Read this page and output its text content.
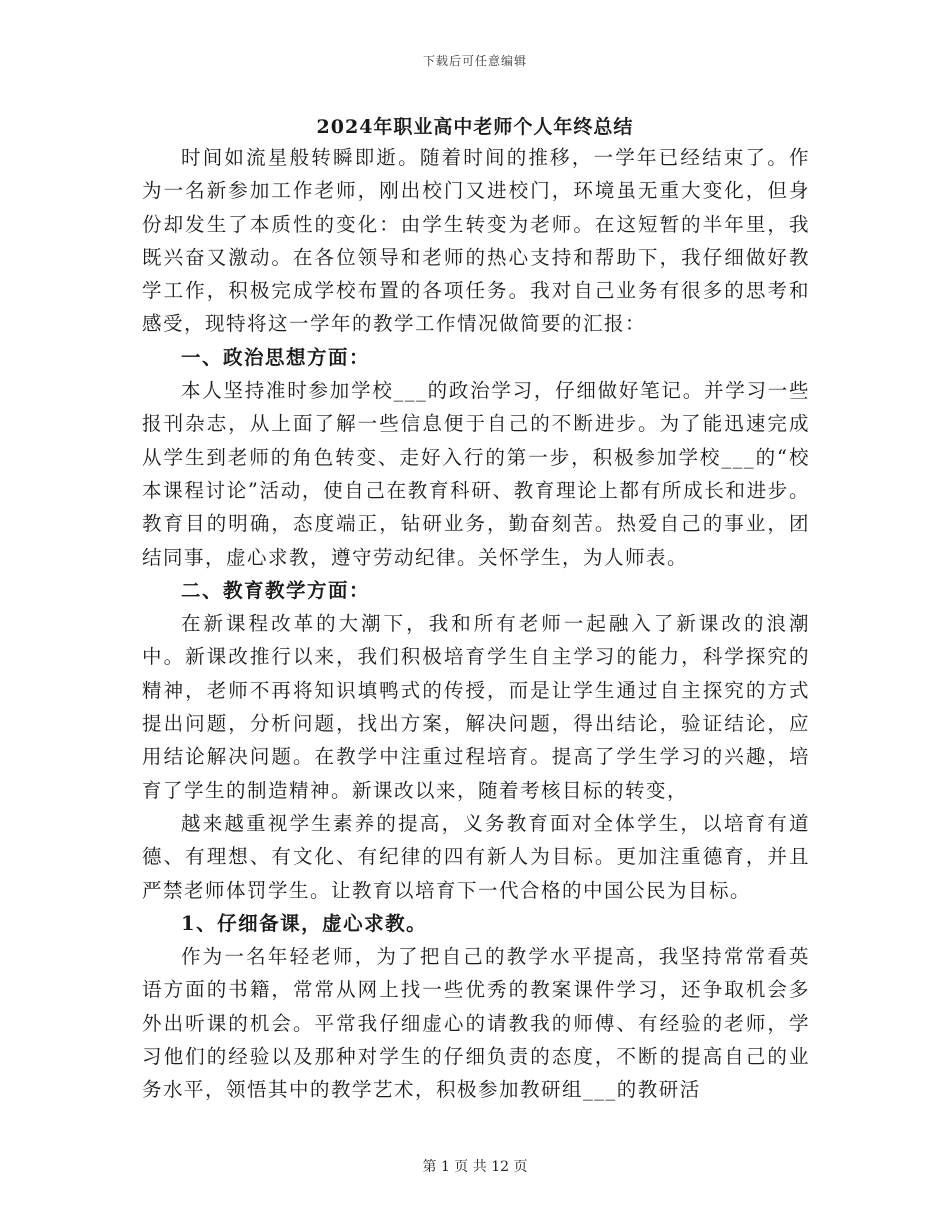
下载后可任意编辑
2024年职业高中老师个人年终总结

时间如流星般转瞬即逝。随着时间的推移，一学年已经结束了。作为一名新参加工作老师，刚出校门又进校门，环境虽无重大变化，但身份却发生了本质性的变化：由学生转变为老师。在这短暂的半年里，我既兴奋又激动。在各位领导和老师的热心支持和帮助下，我仔细做好教学工作，积极完成学校布置的各项任务。我对自己业务有很多的思考和感受，现特将这一学年的教学工作情况做简要的汇报：

一、政治思想方面：

本人坚持准时参加学校___的政治学习，仔细做好笔记。并学习一些报刊杂志，从上面了解一些信息便于自己的不断进步。为了能迅速完成从学生到老师的角色转变、走好入行的第一步，积极参加学校___的“校本课程讨论”活动，使自己在教育科研、教育理论上都有所成长和进步。教育目的明确，态度端正，钻研业务，勤奋刻苦。热爱自己的事业，团结同事，虚心求教，遵守劳动纪律。关怀学生，为人师表。

二、教育教学方面：

在新课程改革的大潮下，我和所有老师一起融入了新课改的浪潮中。新课改推行以来，我们积极培育学生自主学习的能力，科学探究的精神，老师不再将知识填鸭式的传授，而是让学生通过自主探究的方式提出问题，分析问题，找出方案，解决问题，得出结论，验证结论，应用结论解决问题。在教学中注重过程培育。提高了学生学习的兴趣，培育了学生的制造精神。新课改以来，随着考核目标的转变，

越来越重视学生素养的提高，义务教育面对全体学生，以培育有道德、有理想、有文化、有纪律的四有新人为目标。更加注重德育，并且严禁老师体罚学生。让教育以培育下一代合格的中国公民为目标。

1、仔细备课，虚心求教。

作为一名年轻老师，为了把自己的教学水平提高，我坚持常常看英语方面的书籍，常常从网上找一些优秀的教案课件学习，还争取机会多外出听课的机会。平常我仔细虚心的请教我的师傅、有经验的老师，学习他们的经验以及那种对学生的仔细负责的态度，不断的提高自己的业务水平，领悟其中的教学艺术，积极参加教研组___的教研活

第 1 页 共 12 页
